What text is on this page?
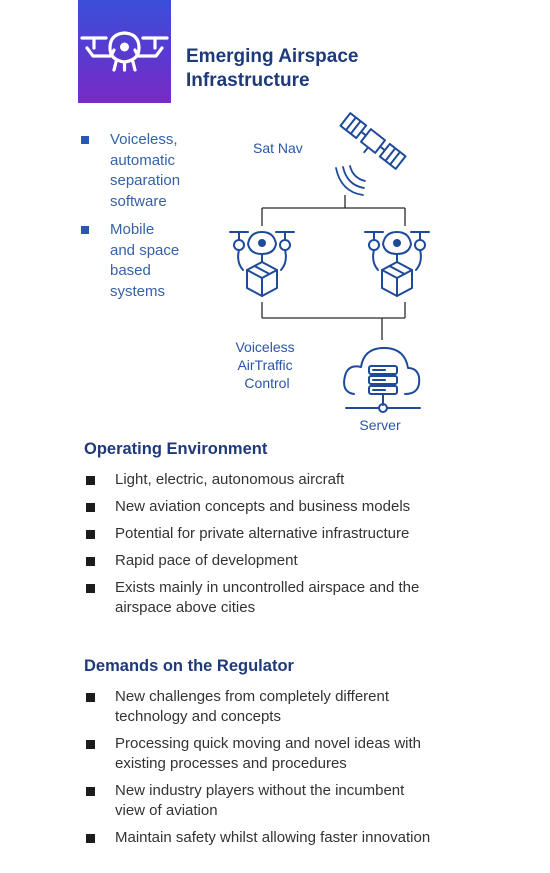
Emerging Airspace
Infrastructure
Voiceless,
automatic
separation
software
Mobile
and space
based
systems
Sat Nav
Voiceless AirTraffic Control
Server
Operating Environment
Light, electric, autonomous aircraft
New aviation concepts and business models
Potential for private alternative infrastructure
Rapid pace of development
Exists mainly in uncontrolled airspace and the
airspace above cities
Demands on the Regulator
New challenges from completely different
technology and concepts
Processing quick moving and novel ideas with
existing processes and procedures
New industry players without the incumbent
view of aviation
Maintain safety whilst allowing faster innovation
